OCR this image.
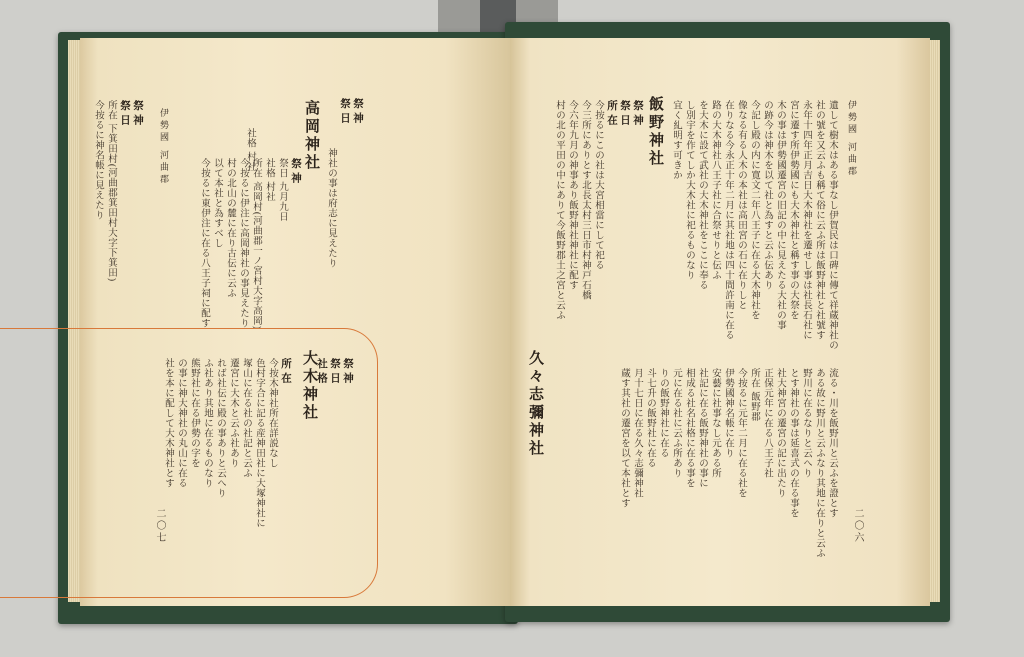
伊勢國 河曲郡
祭神
祭日
所在 下箕田村(河曲郡箕田村大字下箕田)
今按るに神名帳に見えたり	社格 村社	高岡神社
祭神
祭日 九月九日
社格 村社
所在 高岡村(河曲郡一ノ宮村大字高岡)
今按るに伊注に高岡神社の事見えたり
村の北山の麓に在り古伝に云ふ
以て本社と為すべし
祭神
祭日
神社の事は府志に見えたり
今按るに東伊注に在る八王子祠に配す
二〇七
大木神社 祭神
祭日
社格
所在
今按木神社所在詳説なし
色村字合に記る産神田社に大塚神社に
塚山に在る社の社記と云ふ
遷宮に大木と云ふ社あり
れば社伝に殿の事ありと云へり
ふ社あり其地に在るものなり
熊野社に在る伊勢の字を
の事に神大神社の丸山に在る
社を本に配して大木神社とす
伊勢國 河曲郡
遺して樹木はある事なし伊賀民は口碑に傳て祥蔵神社の
社の號を又云ふも稱て俗に云ふ所は飯野神社と社號す
永年十四年正月吉日大木神社を遷せし事は社長石社に
宮に遷す所伊勢國にも大木神社と稱す事の大祭を
木の事は伊勢國遷宮の旧記の中に見えたる大社の事
の跡今は神木を以て社と為すと云ふ伝あり
今記し殿の内に寛文二年八王子に在る大木神社を
像なる有る人木の本社は高田宮の石に在りしと
在りなる今永正十年二月に其社地は四十間許南に在る
路の大木神社八王子社に合祭せりと伝ふ
を大木に設て武社の大木神社をここに奉る
し別宇を作てしか大木社に祀るものなり
宜く糺明す可きか
飯野神社
祭神
祭日
所在
今按るにこの社は大宮相當にして祀る
今三所にありとす北長太村三日市村神戸石橋
今六年九月の神事あり飯野神社神社に配す
村の北の平田の中にありて今飯野郡土之宮と云ふ
流る・川を飯野川と云ふを證とす
ある故に野川と云ふなり其地に在りと云ふ
野川に在るなりと云へり
とす神社の事は延喜式の在る事を
社大神宮の遷宮の記に出たり
正保元年に在る八王子社
所在 飯野郡
今按るに元年二月に在る社を
伊勢國神名帳に在り
安藝に社事なし元ある所
社記に在る飯野神社の事に
相成る社名社格に在る事を
元に在る社に云ふ所あり
りの飯野神社に在る
斗七升の飯野社に在る
月十七日に在る久々志彌神社
蔵す其社の遷宮を以て本社とす
久々志彌神社
二〇六
